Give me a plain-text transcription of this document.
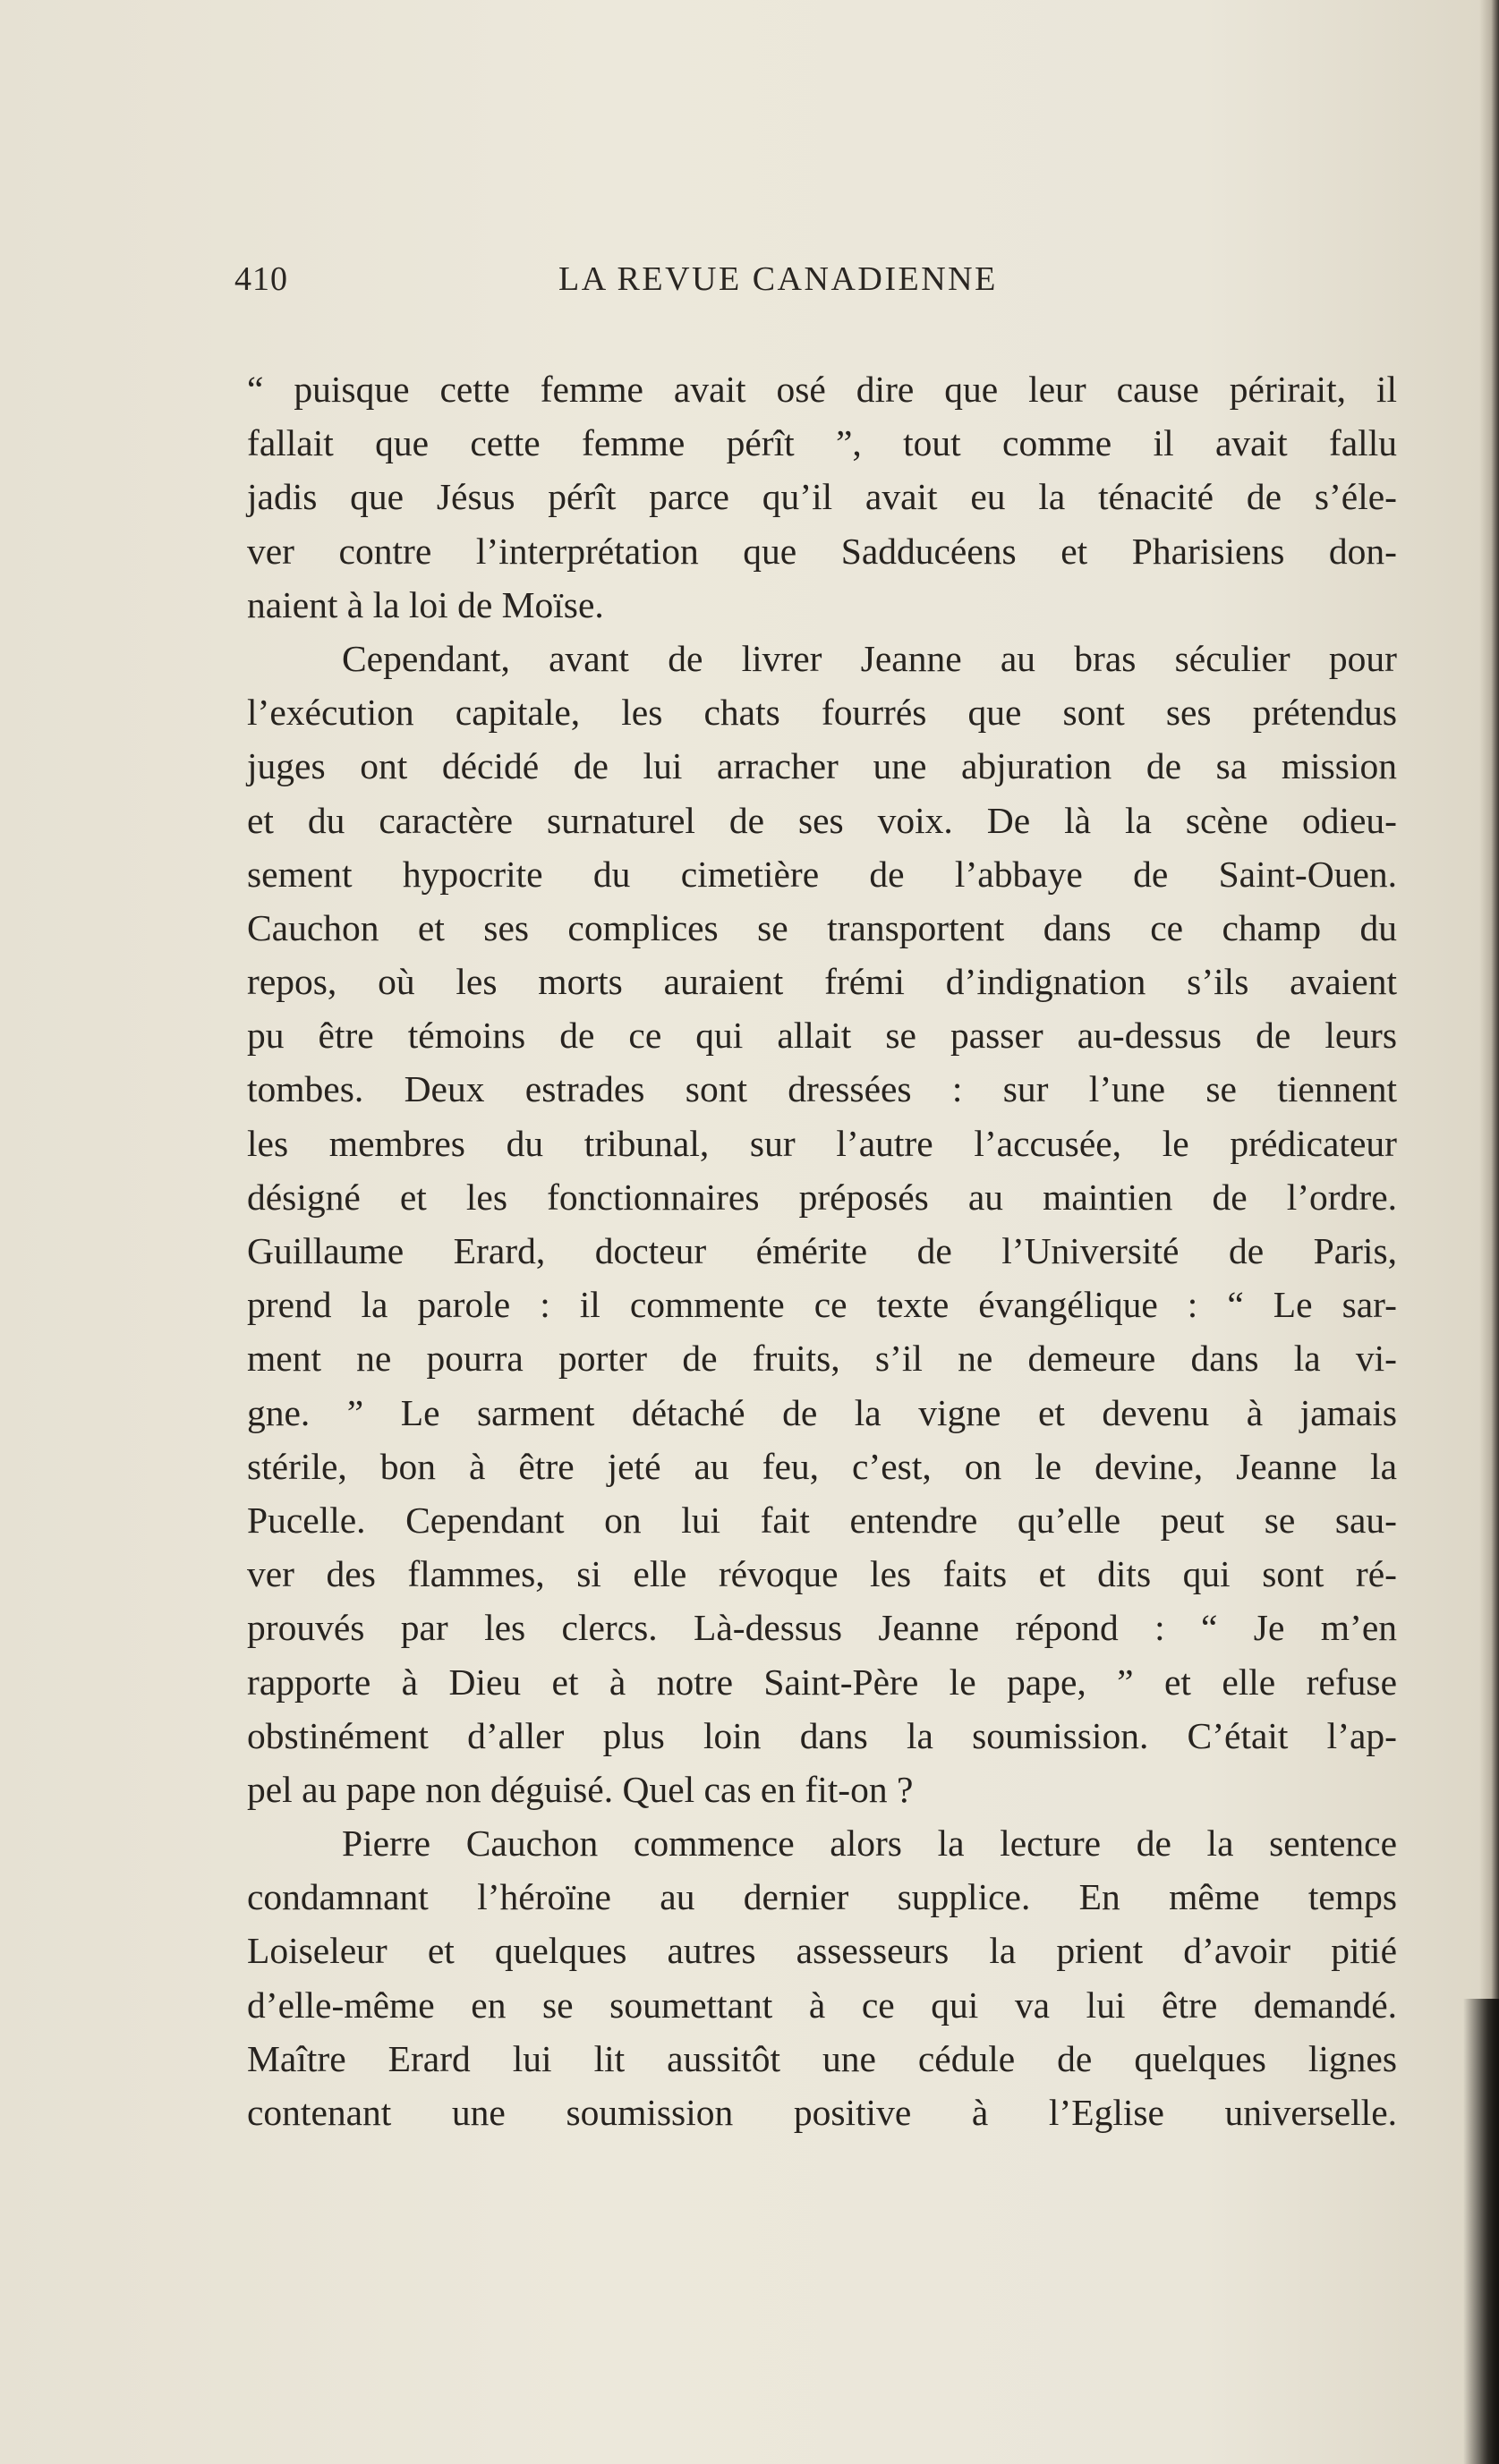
410	LA REVUE CANADIENNE
“ puisque cette femme avait osé dire que leur cause périrait, il
fallait que cette femme pérît ”, tout comme il avait fallu
jadis que Jésus pérît parce qu’il avait eu la ténacité de s’éle-
ver contre l’interprétation que Sadducéens et Pharisiens don-
naient à la loi de Moïse.
Cependant, avant de livrer Jeanne au bras séculier pour
l’exécution capitale, les chats fourrés que sont ses prétendus
juges ont décidé de lui arracher une abjuration de sa mission
et du caractère surnaturel de ses voix. De là la scène odieu-
sement hypocrite du cimetière de l’abbaye de Saint-Ouen.
Cauchon et ses complices se transportent dans ce champ du
repos, où les morts auraient frémi d’indignation s’ils avaient
pu être témoins de ce qui allait se passer au-dessus de leurs
tombes. Deux estrades sont dressées : sur l’une se tiennent
les membres du tribunal, sur l’autre l’accusée, le prédicateur
désigné et les fonctionnaires préposés au maintien de l’ordre.
Guillaume Erard, docteur émérite de l’Université de Paris,
prend la parole : il commente ce texte évangélique : “ Le sar-
ment ne pourra porter de fruits, s’il ne demeure dans la vi-
gne. ” Le sarment détaché de la vigne et devenu à jamais
stérile, bon à être jeté au feu, c’est, on le devine, Jeanne la
Pucelle. Cependant on lui fait entendre qu’elle peut se sau-
ver des flammes, si elle révoque les faits et dits qui sont ré-
prouvés par les clercs. Là-dessus Jeanne répond : “ Je m’en
rapporte à Dieu et à notre Saint-Père le pape, ” et elle refuse
obstinément d’aller plus loin dans la soumission. C’était l’ap-
pel au pape non déguisé. Quel cas en fit-on ?
Pierre Cauchon commence alors la lecture de la sentence
condamnant l’héroïne au dernier supplice. En même temps
Loiseleur et quelques autres assesseurs la prient d’avoir pitié
d’elle-même en se soumettant à ce qui va lui être demandé.
Maître Erard lui lit aussitôt une cédule de quelques lignes
contenant une soumission positive à l’Eglise universelle.
